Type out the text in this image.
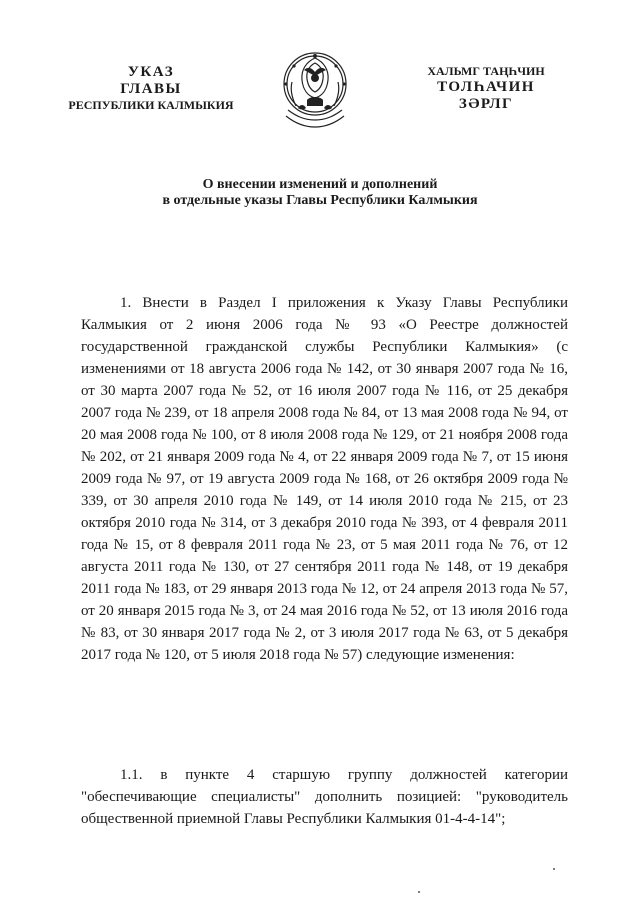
УКАЗ
ГЛАВЫ
РЕСПУБЛИКИ КАЛМЫКИЯ
ХАЛЬМГ ТАҢҺЧИН
ТОЛҺАЧИН
ЗӘРЛГ
О внесении изменений и дополнений
в отдельные указы Главы Республики Калмыкия

1. Внести в Раздел I приложения к Указу Главы Республики Калмыкия от 2 июня 2006 года № 93 «О Реестре должностей государственной гражданской службы Республики Калмыкия» (с изменениями от 18 августа 2006 года № 142, от 30 января 2007 года № 16, от 30 марта 2007 года № 52, от 16 июля 2007 года № 116, от 25 декабря 2007 года № 239, от 18 апреля 2008 года № 84, от 13 мая 2008 года № 94, от 20 мая 2008 года № 100, от 8 июля 2008 года № 129, от 21 ноября 2008 года № 202, от 21 января 2009 года № 4, от 22 января 2009 года № 7, от 15 июня 2009 года № 97, от 19 августа 2009 года № 168, от 26 октября 2009 года № 339, от 30 апреля 2010 года № 149, от 14 июля 2010 года № 215, от 23 октября 2010 года № 314, от 3 декабря 2010 года № 393, от 4 февраля 2011 года № 15, от 8 февраля 2011 года № 23, от 5 мая 2011 года № 76, от 12 августа 2011 года № 130, от 27 сентября 2011 года № 148, от 19 декабря 2011 года № 183, от 29 января 2013 года № 12, от 24 апреля 2013 года № 57, от 20 января 2015 года № 3, от 24 мая 2016 года № 52, от 13 июля 2016 года № 83, от 30 января 2017 года № 2, от 3 июля 2017 года № 63, от 5 декабря 2017 года № 120, от 5 июля 2018 года № 57) следующие изменения:

1.1. в пункте 4 старшую группу должностей категории "обеспечивающие специалисты" дополнить позицией: "руководитель общественной приемной Главы Республики Калмыкия 01-4-4-14";
